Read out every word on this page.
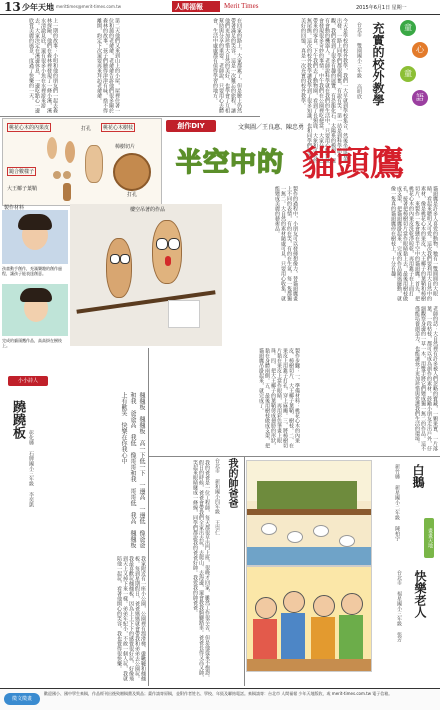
13 少年天地 merittimes@merit-times.com.tw	人間福報	Merit Times	2015年6月1日 星期一
今天是學校的校外教學，我們一大早就到學校集合，然後坐遊覽車出發。一路上同學們都很興奮，有說有笑。第一站是到科學館參觀，我們看到了很多有趣的展覽，有恐龍化石、太陽系的模型，還有會動的機器人。老師說科學就在我們的生活中，只要用心觀察就會發現很多奇妙的事情。中午我們在公園裡吃便當，大家分享自己帶來的零食。下午我們去了動物園，看到了長頸鹿、大象和可愛的無尾熊。這次的校外教學讓我學到了很多知識，也和同學們留下了美好的回憶，真是一次充實的校外教學。	充實的校外教學
台北市 雙園國小三年級 高明欣	童
心
童
語
上一期的故事：小明和他的朋友們一起去森林探險，他們在森林裡發現了一條小溪，溪水清澈見底，還有很多小魚在水裡游來游去。大家決定在溪邊休息，一邊吃點心一邊欣賞美麗的風景，度過了快樂的一天。	第二天他們又來到山上的小屋，屋裡住著一位和藹的老爺爺，老爺爺告訴他們很多關於森林的故事。孩子們聽得津津有味，捨不得離開，約定下次還要再來拜訪老爺爺。	在回家的路上，大家都累了，但是臉上仍然帶著滿足的笑容。這是一次難忘的旅程，讓他們更加珍惜大自然的美好，也學會了互相幫助與分享的重要。老師說，只要用心去體會，生活中處處都有值得學習的地方。
桃花心木的內果皮	打孔	桃花心木樹枝
樟樹切片
鎚合數樣子
大王椰子葉鞘
打孔
創作DIY	文與圖／王良惠、陳忠勇
半空中的 貓頭鷹
貓頭鷹是許多人喜愛的動物，牠有一雙圓圓的大眼睛，看起來聰明又可愛。這次我們要利用大自然中的素材，像是桃花心木的果皮、大王椰子的葉鞘和樟樹切片，來製作一隻會懸在半空中的貓頭鷹。首先，把桃花心木的內果皮洗乾淨晾乾，再用錐子在上面打孔，接著把樟樹切片當作眼睛黏上去，最後用樹枝做成支架，把貓頭鷹掛起來。完成的作品隨風擺動，就像一隻真的貓頭鷹停在樹枝上，十分有趣。
製作的過程中，小朋友可以發揮想像力，替貓頭鷹畫上不同的表情，有的在笑，有的在生氣，每一隻都獨一無二。大自然的素材隨處可見，只要用心收集，就能變成美麗的藝術品。
樓空吊著的作品
製作材料
孩童動手創作，充滿樂趣的創作過程，讓孩子能表達創意。
完成的貓頭鷹作品，高高掛在樹枝上。
製作步驟：一、準備材料：桃花心木的內果皮、樟樹切片、大王椰子葉鞘、樹枝。二、在果皮上用錐子打孔，穿上麻繩。三、將樟樹切片黏在果皮上當作眼睛，再用彩色筆畫上眼珠。四、把大王椰子的葉鞘剪成翅膀的形狀，黏在身體兩側。五、最後用樹枝做成支架，把貓頭鷹吊掛起來，就完成了。	老師的話：大自然裡有許多被人們忽略的寶藏，一顆果實、一片落葉、一段枯枝，都可以成為創作的素材。鼓勵小朋友走出戶外，仔細觀察身邊的一草一木，用雙手將它們變成獨一無二的作品。這不僅能培養創造力，也能讓孩子更加珍惜與愛護我們生活的環境。
小小詩人
蹺蹺板
彰化縣 石牌國小三年級 李奕凱	翹翹板　翹翹板　高一下低一下　一邊高　一邊低　像爸爸和我　爸爸高　我低　像哥哥和我　哥哥低　我高　翹翹板上有歡笑　快樂在你我心中
我家附近有一座小公園，公園裡有溜滑梯、盪鞦韆和翹翹板。每到星期假日，爸爸媽媽就會帶我和弟弟去公園玩。我最喜歡玩翹翹板，因為上上下下的感覺很好玩，好像飛到天上又掉下來一樣。弟弟年紀小，不敢一個人玩，我就陪他一起玩，看著他開心的笑容，我也覺得很快樂。	我的爸爸是一位工程師，每天都很早出門上班，很晚才回家，雖然工作很辛苦，但是他從來不抱怨。假日的時候，爸爸會帶我們全家出去玩，去爬山、去海邊，還會教我騎腳踏車。爸爸長得又高又帥，笑起來眼睛瞇成一條線，同學們都說我的爸爸好帥。我愛我的帥爸爸。	我的帥爸爸
台北市 新和國小四年級 王崇仁	白鵝
新竹縣 新星國小二年級 陳柏宇	畫畫天地
快樂老人
台北市 福星國小三年級 張芳
徵文徵畫
歡迎國小、國中學生來稿，作品經刊出後致贈稿費及獎品；畫作請寄原稿，並附作者姓名、學校、年級及聯絡電話。來稿請寄：台北市 人間福報 少年天地版收，或 merit-times.com.tw 電子信箱。
